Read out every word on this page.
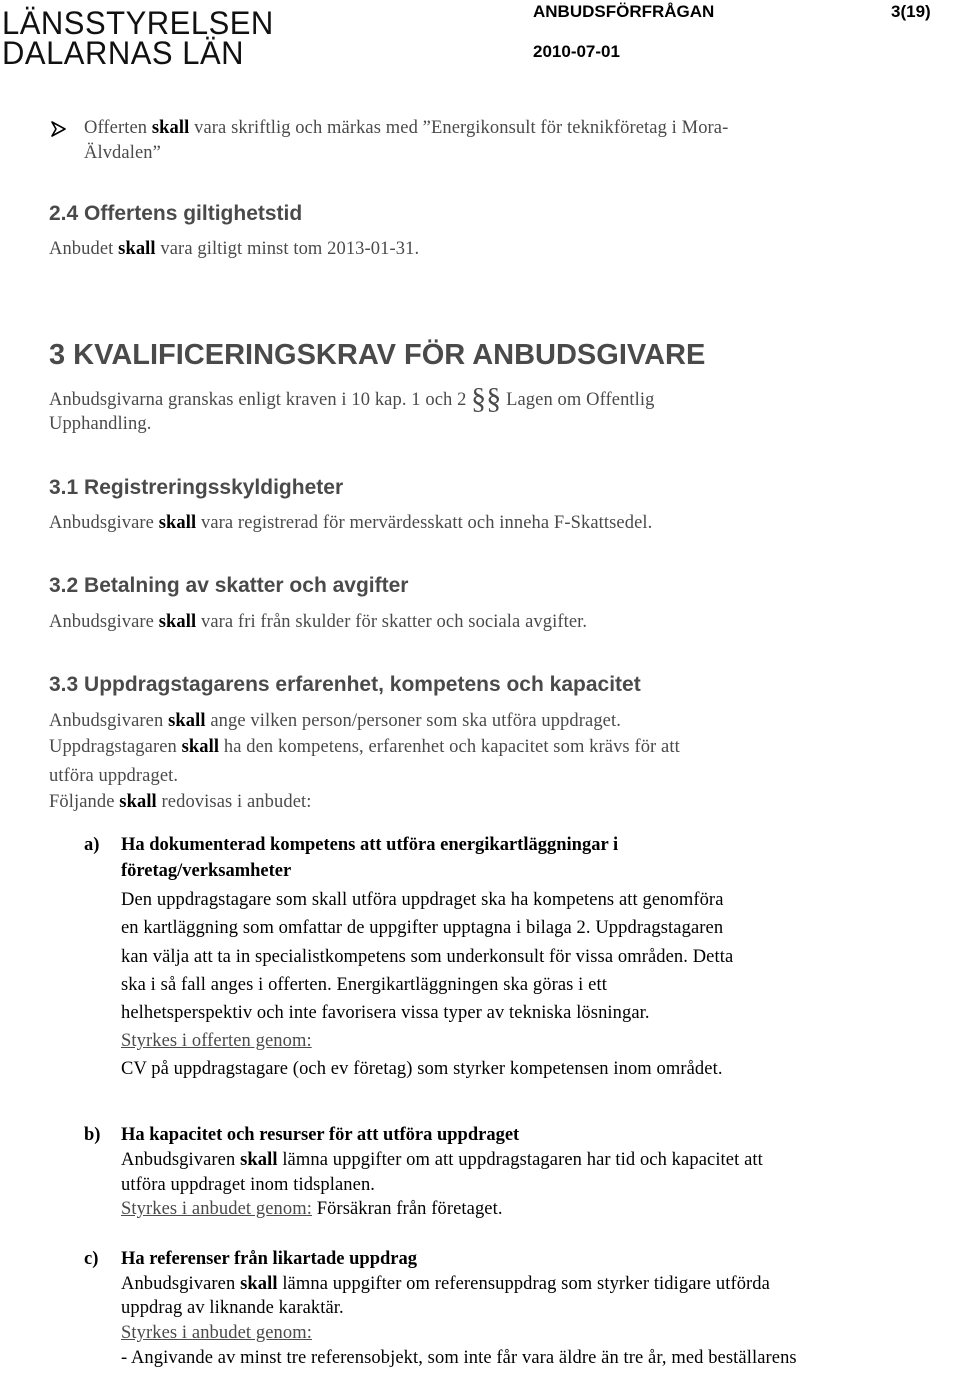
LÄNSSTYRELSEN
DALARNAS LÄN
ANBUDSFÖRFRÅGAN	3(19)
2010-07-01
Offerten skall vara skriftlig och märkas med ”Energikonsult för teknikföretag i Mora-
Älvdalen”
2.4 Offertens giltighetstid
Anbudet skall vara giltigt minst tom 2013-01-31.
3 KVALIFICERINGSKRAV FÖR ANBUDSGIVARE
Anbudsgivarna granskas enligt kraven i 10 kap. 1 och 2 §§ Lagen om Offentlig
Upphandling.
3.1 Registreringsskyldigheter
Anbudsgivare skall vara registrerad för mervärdesskatt och inneha F-Skattsedel.
3.2 Betalning av skatter och avgifter
Anbudsgivare skall vara fri från skulder för skatter och sociala avgifter.
3.3 Uppdragstagarens erfarenhet, kompetens och kapacitet
Anbudsgivaren skall ange vilken person/personer som ska utföra uppdraget.
Uppdragstagaren skall ha den kompetens, erfarenhet och kapacitet som krävs för att
utföra uppdraget.
Följande skall redovisas i anbudet:
a) Ha dokumenterad kompetens att utföra energikartläggningar i
företag/verksamheter
Den uppdragstagare som skall utföra uppdraget ska ha kompetens att genomföra
en kartläggning som omfattar de uppgifter upptagna i bilaga 2. Uppdragstagaren
kan välja att ta in specialistkompetens som underkonsult för vissa områden. Detta
ska i så fall anges i offerten. Energikartläggningen ska göras i ett
helhetsperspektiv och inte favorisera vissa typer av tekniska lösningar.
Styrkes i offerten genom:
CV på uppdragstagare (och ev företag) som styrker kompetensen inom området.
b) Ha kapacitet och resurser för att utföra uppdraget
Anbudsgivaren skall lämna uppgifter om att uppdragstagaren har tid och kapacitet att
utföra uppdraget inom tidsplanen.
Styrkes i anbudet genom: Försäkran från företaget.
c) Ha referenser från likartade uppdrag
Anbudsgivaren skall lämna uppgifter om referensuppdrag som styrker tidigare utförda
uppdrag av liknande karaktär.
Styrkes i anbudet genom:
- Angivande av minst tre referensobjekt, som inte får vara äldre än tre år, med beställarens
